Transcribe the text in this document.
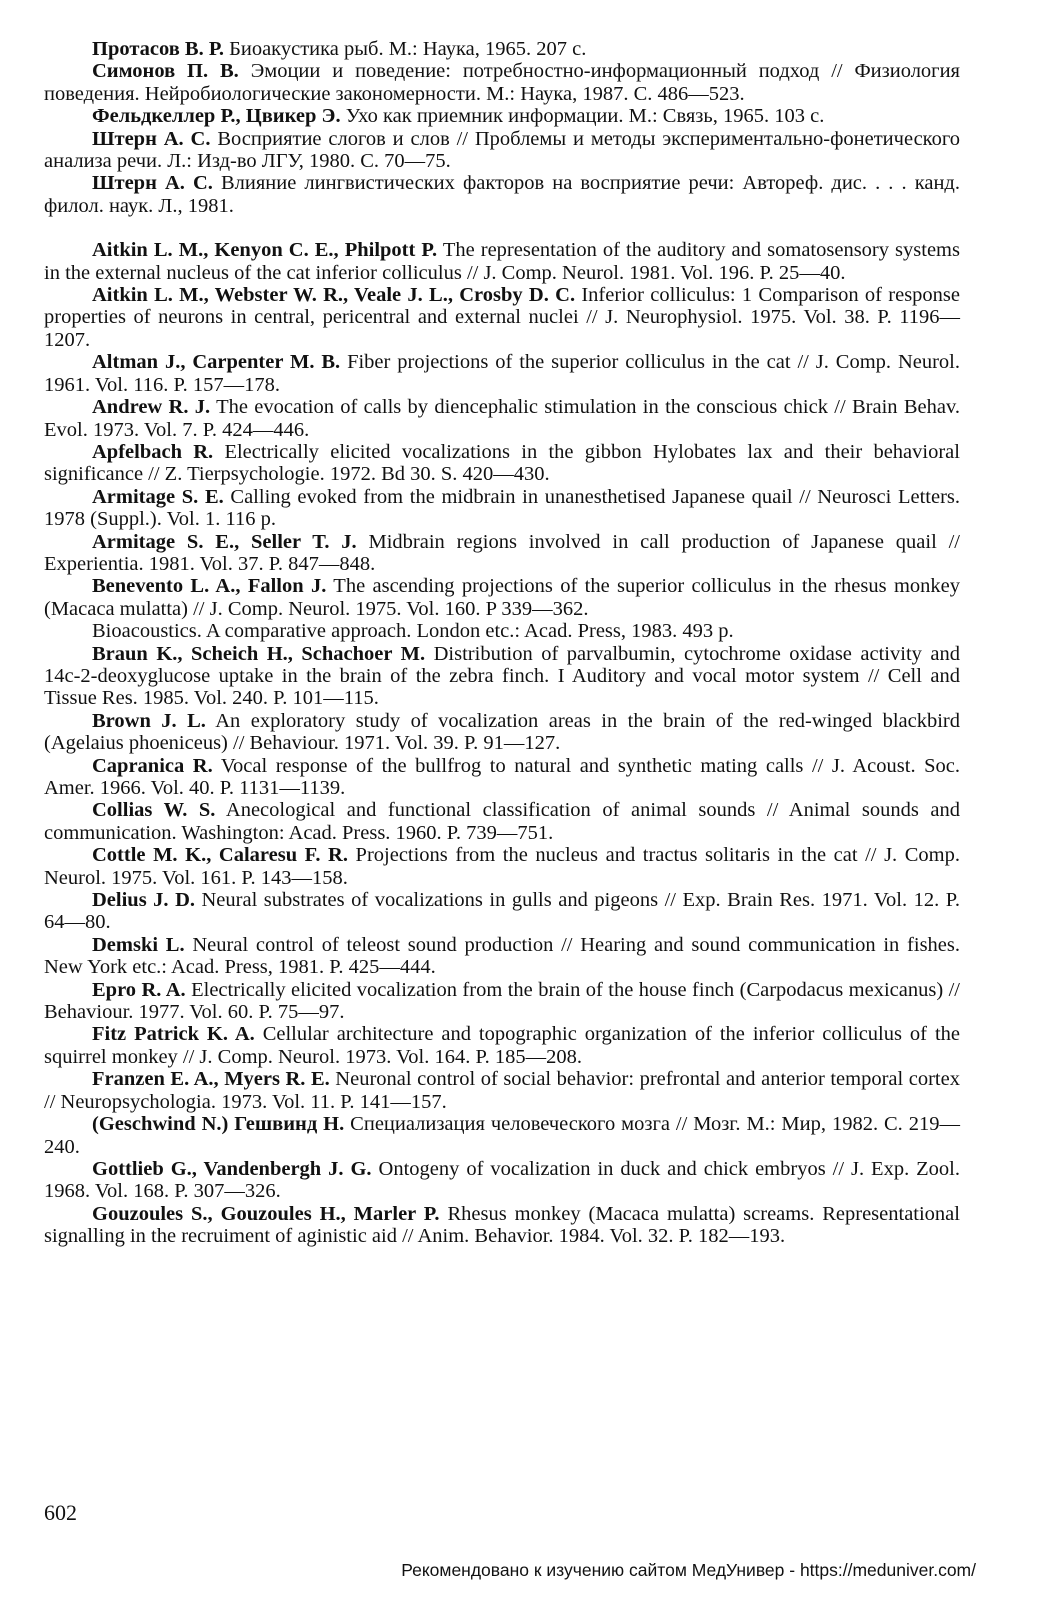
Протасов В. Р. Биоакустика рыб. М.: Наука, 1965. 207 с.

Симонов П. В. Эмоции и поведение: потребностно-информационный подход // Физиология поведения. Нейробиологические закономерности. М.: Наука, 1987. С. 486—523.

Фельдкеллер Р., Цвикер Э. Ухо как приемник информации. М.: Связь, 1965. 103 с.

Штерн А. С. Восприятие слогов и слов // Проблемы и методы экспериментально-фонетического анализа речи. Л.: Изд-во ЛГУ, 1980. С. 70—75.

Штерн А. С. Влияние лингвистических факторов на восприятие речи: Автореф. дис. . . . канд. филол. наук. Л., 1981.

Aitkin L. M., Kenyon C. E., Philpott P. The representation of the auditory and somatosensory systems in the external nucleus of the cat inferior colliculus // J. Comp. Neurol. 1981. Vol. 196. P. 25—40.

Aitkin L. M., Webster W. R., Veale J. L., Crosby D. C. Inferior colliculus: 1 Comparison of response properties of neurons in central, pericentral and external nuclei // J. Neurophysiol. 1975. Vol. 38. P. 1196—1207.

Altman J., Carpenter M. B. Fiber projections of the superior colliculus in the cat // J. Comp. Neurol. 1961. Vol. 116. P. 157—178.

Andrew R. J. The evocation of calls by diencephalic stimulation in the conscious chick // Brain Behav. Evol. 1973. Vol. 7. P. 424—446.

Apfelbach R. Electrically elicited vocalizations in the gibbon Hylobates lax and their behavioral significance // Z. Tierpsychologie. 1972. Bd 30. S. 420—430.

Armitage S. E. Calling evoked from the midbrain in unanesthetised Japanese quail // Neurosci Letters. 1978 (Suppl.). Vol. 1. 116 p.

Armitage S. E., Seller T. J. Midbrain regions involved in call production of Japanese quail // Experientia. 1981. Vol. 37. P. 847—848.

Benevento L. A., Fallon J. The ascending projections of the superior colliculus in the rhesus monkey (Macaca mulatta) // J. Comp. Neurol. 1975. Vol. 160. P 339—362.

Bioacoustics. A comparative approach. London etc.: Acad. Press, 1983. 493 p.

Braun K., Scheich H., Schachoer M. Distribution of parvalbumin, cytochrome oxidase activity and 14c-2-deoxyglucose uptake in the brain of the zebra finch. I Auditory and vocal motor system // Cell and Tissue Res. 1985. Vol. 240. P. 101—115.

Brown J. L. An exploratory study of vocalization areas in the brain of the red-winged blackbird (Agelaius phoeniceus) // Behaviour. 1971. Vol. 39. P. 91—127.

Capranica R. Vocal response of the bullfrog to natural and synthetic mating calls // J. Acoust. Soc. Amer. 1966. Vol. 40. P. 1131—1139.

Collias W. S. Anecological and functional classification of animal sounds // Animal sounds and communication. Washington: Acad. Press. 1960. P. 739—751.

Cottle M. K., Calaresu F. R. Projections from the nucleus and tractus solitaris in the cat // J. Comp. Neurol. 1975. Vol. 161. P. 143—158.

Delius J. D. Neural substrates of vocalizations in gulls and pigeons // Exp. Brain Res. 1971. Vol. 12. P. 64—80.

Demski L. Neural control of teleost sound production // Hearing and sound communication in fishes. New York etc.: Acad. Press, 1981. P. 425—444.

Epro R. A. Electrically elicited vocalization from the brain of the house finch (Carpodacus mexicanus) // Behaviour. 1977. Vol. 60. P. 75—97.

Fitz Patrick K. A. Cellular architecture and topographic organization of the inferior colliculus of the squirrel monkey // J. Comp. Neurol. 1973. Vol. 164. P. 185—208.

Franzen E. A., Myers R. E. Neuronal control of social behavior: prefrontal and anterior temporal cortex // Neuropsychologia. 1973. Vol. 11. P. 141—157.

(Geschwind N.) Гешвинд Н. Специализация человеческого мозга // Мозг. М.: Мир, 1982. С. 219—240.

Gottlieb G., Vandenbergh J. G. Ontogeny of vocalization in duck and chick embryos // J. Exp. Zool. 1968. Vol. 168. P. 307—326.

Gouzoules S., Gouzoules H., Marler P. Rhesus monkey (Macaca mulatta) screams. Representational signalling in the recruiment of aginistic aid // Anim. Behavior. 1984. Vol. 32. P. 182—193.

602

Рекомендовано к изучению сайтом МедУнивер - https://meduniver.com/
